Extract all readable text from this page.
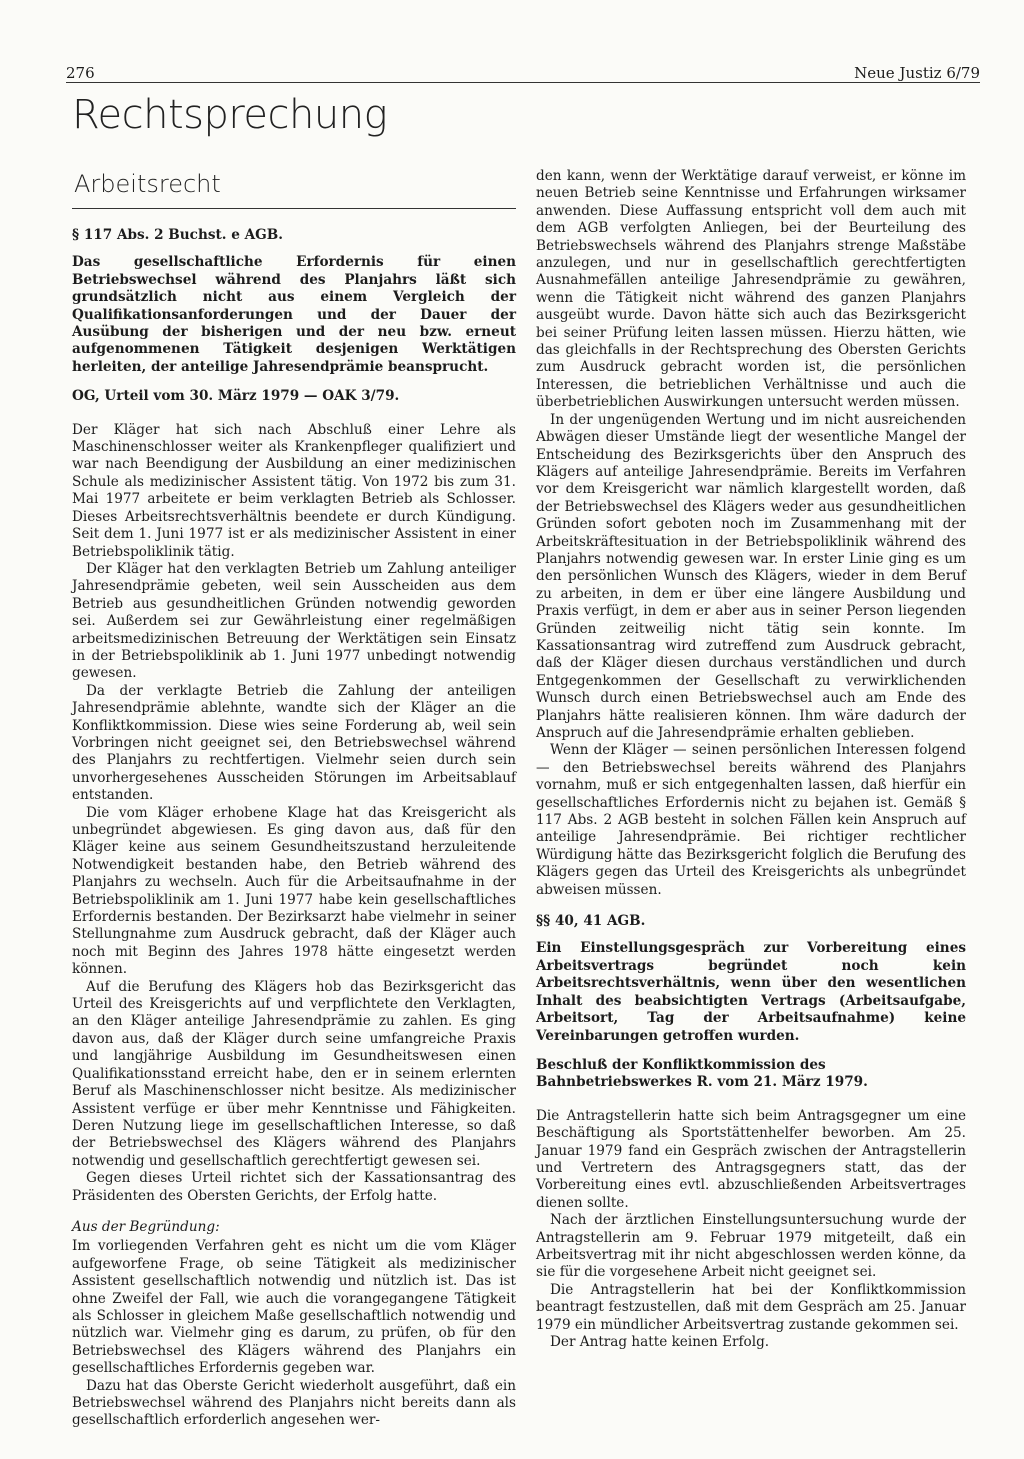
276	Neue Justiz 6/79
Rechtsprechung
Arbeitsrecht
§ 117 Abs. 2 Buchst. e AGB.
Das gesellschaftliche Erfordernis für einen Betriebswechsel während des Planjahrs läßt sich grundsätzlich nicht aus einem Vergleich der Qualifikationsanforderungen und der Dauer der Ausübung der bisherigen und der neu bzw. erneut aufgenommenen Tätigkeit desjenigen Werktätigen herleiten, der anteilige Jahresendprämie beansprucht.
OG, Urteil vom 30. März 1979 — OAK 3/79.

Der Kläger hat sich nach Abschluß einer Lehre als Maschinenschlosser weiter als Krankenpfleger qualifiziert und war nach Beendigung der Ausbildung an einer medizinischen Schule als medizinischer Assistent tätig. Von 1972 bis zum 31. Mai 1977 arbeitete er beim verklagten Betrieb als Schlosser. Dieses Arbeitsrechtsverhältnis beendete er durch Kündigung. Seit dem 1. Juni 1977 ist er als medizinischer Assistent in einer Betriebspoliklinik tätig.

Der Kläger hat den verklagten Betrieb um Zahlung anteiliger Jahresendprämie gebeten, weil sein Ausscheiden aus dem Betrieb aus gesundheitlichen Gründen notwendig geworden sei. Außerdem sei zur Gewährleistung einer regelmäßigen arbeitsmedizinischen Betreuung der Werktätigen sein Einsatz in der Betriebspoliklinik ab 1. Juni 1977 unbedingt notwendig gewesen.

Da der verklagte Betrieb die Zahlung der anteiligen Jahresendprämie ablehnte, wandte sich der Kläger an die Konfliktkommission. Diese wies seine Forderung ab, weil sein Vorbringen nicht geeignet sei, den Betriebswechsel während des Planjahrs zu rechtfertigen. Vielmehr seien durch sein unvorhergesehenes Ausscheiden Störungen im Arbeitsablauf entstanden.

Die vom Kläger erhobene Klage hat das Kreisgericht als unbegründet abgewiesen. Es ging davon aus, daß für den Kläger keine aus seinem Gesundheitszustand herzuleitende Notwendigkeit bestanden habe, den Betrieb während des Planjahrs zu wechseln. Auch für die Arbeitsaufnahme in der Betriebspoliklinik am 1. Juni 1977 habe kein gesellschaftliches Erfordernis bestanden. Der Bezirksarzt habe vielmehr in seiner Stellungnahme zum Ausdruck gebracht, daß der Kläger auch noch mit Beginn des Jahres 1978 hätte eingesetzt werden können.

Auf die Berufung des Klägers hob das Bezirksgericht das Urteil des Kreisgerichts auf und verpflichtete den Verklagten, an den Kläger anteilige Jahresendprämie zu zahlen. Es ging davon aus, daß der Kläger durch seine umfangreiche Praxis und langjährige Ausbildung im Gesundheitswesen einen Qualifikationsstand erreicht habe, den er in seinem erlernten Beruf als Maschinenschlosser nicht besitze. Als medizinischer Assistent verfüge er über mehr Kenntnisse und Fähigkeiten. Deren Nutzung liege im gesellschaftlichen Interesse, so daß der Betriebswechsel des Klägers während des Planjahrs notwendig und gesellschaftlich gerechtfertigt gewesen sei.

Gegen dieses Urteil richtet sich der Kassationsantrag des Präsidenten des Obersten Gerichts, der Erfolg hatte.

Aus der Begründung:

Im vorliegenden Verfahren geht es nicht um die vom Kläger aufgeworfene Frage, ob seine Tätigkeit als medizinischer Assistent gesellschaftlich notwendig und nützlich ist. Das ist ohne Zweifel der Fall, wie auch die vorangegangene Tätigkeit als Schlosser in gleichem Maße gesellschaftlich notwendig und nützlich war. Vielmehr ging es darum, zu prüfen, ob für den Betriebswechsel des Klägers während des Planjahrs ein gesellschaftliches Erfordernis gegeben war.

Dazu hat das Oberste Gericht wiederholt ausgeführt, daß ein Betriebswechsel während des Planjahrs nicht bereits dann als gesellschaftlich erforderlich angesehen wer-

den kann, wenn der Werktätige darauf verweist, er könne im neuen Betrieb seine Kenntnisse und Erfahrungen wirksamer anwenden. Diese Auffassung entspricht voll dem auch mit dem AGB verfolgten Anliegen, bei der Beurteilung des Betriebswechsels während des Planjahrs strenge Maßstäbe anzulegen, und nur in gesellschaftlich gerechtfertigten Ausnahmefällen anteilige Jahresendprämie zu gewähren, wenn die Tätigkeit nicht während des ganzen Planjahrs ausgeübt wurde. Davon hätte sich auch das Bezirksgericht bei seiner Prüfung leiten lassen müssen. Hierzu hätten, wie das gleichfalls in der Rechtsprechung des Obersten Gerichts zum Ausdruck gebracht worden ist, die persönlichen Interessen, die betrieblichen Verhältnisse und auch die überbetrieblichen Auswirkungen untersucht werden müssen.

In der ungenügenden Wertung und im nicht ausreichenden Abwägen dieser Umstände liegt der wesentliche Mangel der Entscheidung des Bezirksgerichts über den Anspruch des Klägers auf anteilige Jahresendprämie. Bereits im Verfahren vor dem Kreisgericht war nämlich klargestellt worden, daß der Betriebswechsel des Klägers weder aus gesundheitlichen Gründen sofort geboten noch im Zusammenhang mit der Arbeitskräftesituation in der Betriebspoliklinik während des Planjahrs notwendig gewesen war. In erster Linie ging es um den persönlichen Wunsch des Klägers, wieder in dem Beruf zu arbeiten, in dem er über eine längere Ausbildung und Praxis verfügt, in dem er aber aus in seiner Person liegenden Gründen zeitweilig nicht tätig sein konnte. Im Kassationsantrag wird zutreffend zum Ausdruck gebracht, daß der Kläger diesen durchaus verständlichen und durch Entgegenkommen der Gesellschaft zu verwirklichenden Wunsch durch einen Betriebswechsel auch am Ende des Planjahrs hätte realisieren können. Ihm wäre dadurch der Anspruch auf die Jahresendprämie erhalten geblieben.

Wenn der Kläger — seinen persönlichen Interessen folgend — den Betriebswechsel bereits während des Planjahrs vornahm, muß er sich entgegenhalten lassen, daß hierfür ein gesellschaftliches Erfordernis nicht zu bejahen ist. Gemäß § 117 Abs. 2 AGB besteht in solchen Fällen kein Anspruch auf anteilige Jahresendprämie. Bei richtiger rechtlicher Würdigung hätte das Bezirksgericht folglich die Berufung des Klägers gegen das Urteil des Kreisgerichts als unbegründet abweisen müssen.

§§ 40, 41 AGB.
Ein Einstellungsgespräch zur Vorbereitung eines Arbeitsvertrags begründet noch kein Arbeitsrechtsverhältnis, wenn über den wesentlichen Inhalt des beabsichtigten Vertrags (Arbeitsaufgabe, Arbeitsort, Tag der Arbeitsaufnahme) keine Vereinbarungen getroffen wurden.
Beschluß der Konfliktkommission des Bahnbetriebswerkes R. vom 21. März 1979.

Die Antragstellerin hatte sich beim Antragsgegner um eine Beschäftigung als Sportstättenhelfer beworben. Am 25. Januar 1979 fand ein Gespräch zwischen der Antragstellerin und Vertretern des Antragsgegners statt, das der Vorbereitung eines evtl. abzuschließenden Arbeitsvertrages dienen sollte.

Nach der ärztlichen Einstellungsuntersuchung wurde der Antragstellerin am 9. Februar 1979 mitgeteilt, daß ein Arbeitsvertrag mit ihr nicht abgeschlossen werden könne, da sie für die vorgesehene Arbeit nicht geeignet sei.

Die Antragstellerin hat bei der Konfliktkommission beantragt festzustellen, daß mit dem Gespräch am 25. Januar 1979 ein mündlicher Arbeitsvertrag zustande gekommen sei.

Der Antrag hatte keinen Erfolg.
